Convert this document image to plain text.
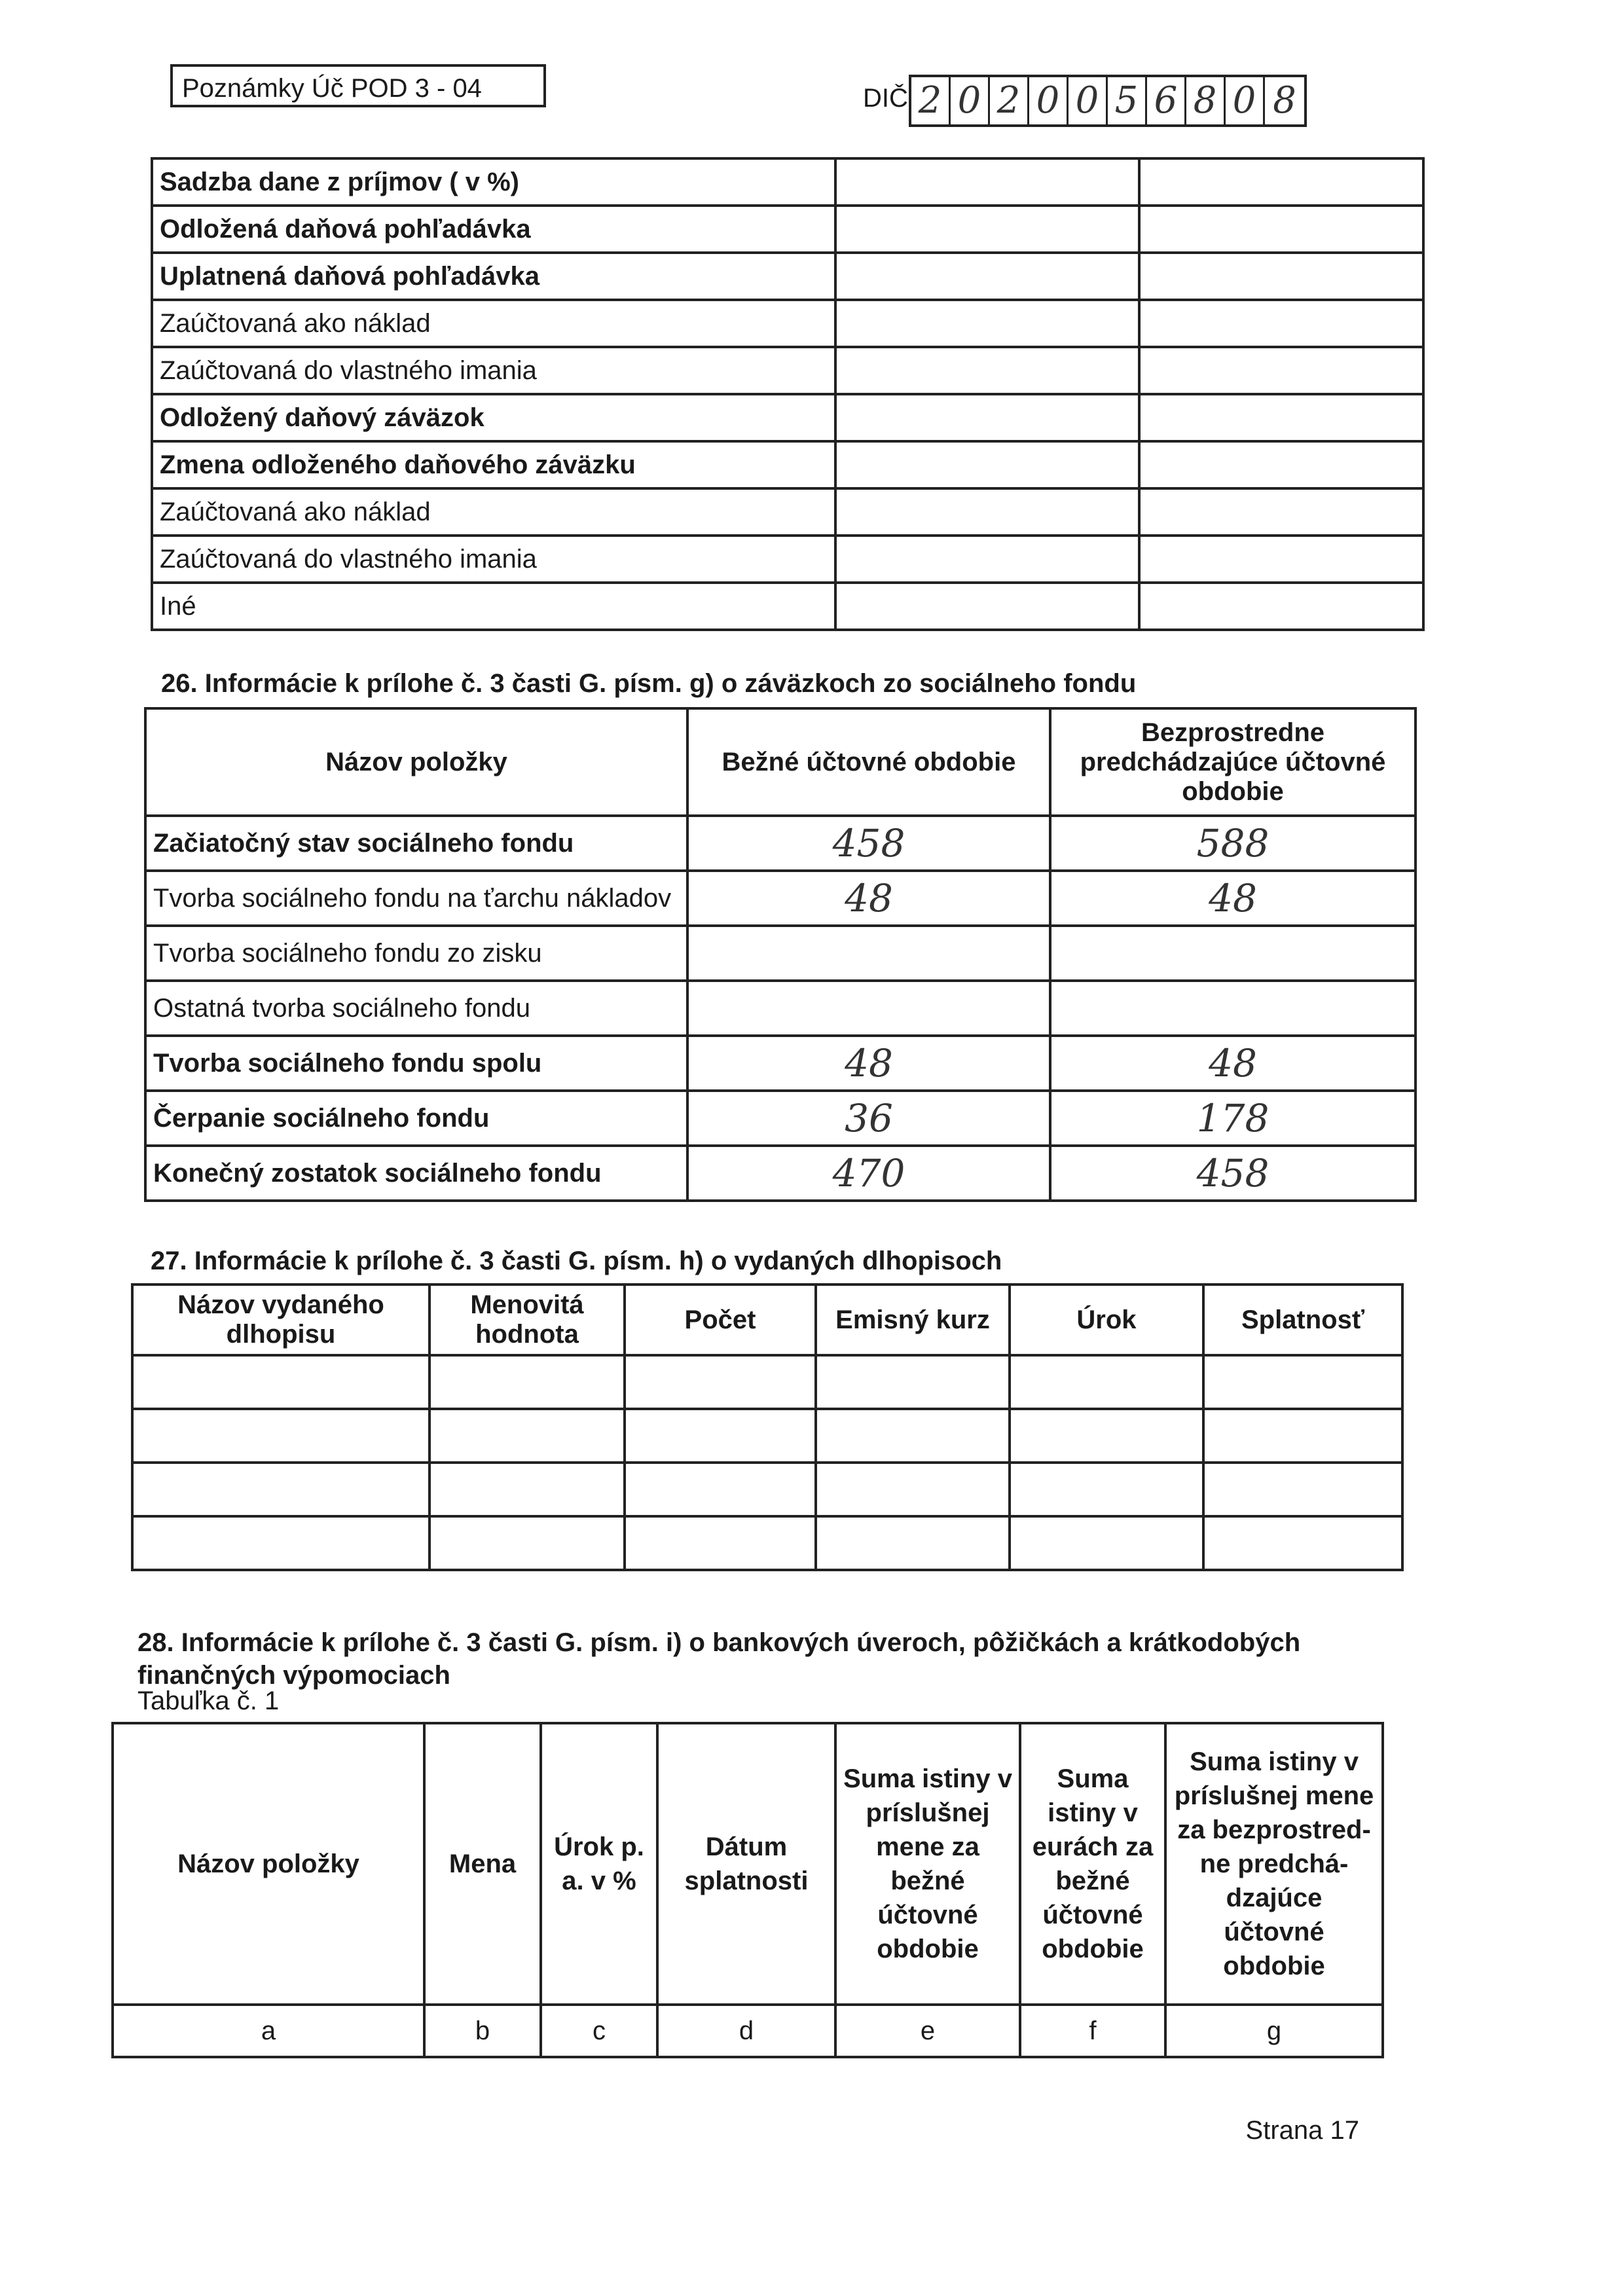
Poznámky Úč POD 3 - 04	DIČ 2 0 2 0 0 5 6 8 0 8
Sadzba dane z príjmov ( v %)		
Odložená daňová pohľadávka		
Uplatnená daňová pohľadávka		
Zaúčtovaná ako náklad		
Zaúčtovaná do vlastného imania		
Odložený daňový záväzok		
Zmena odloženého daňového záväzku		
Zaúčtovaná ako náklad		
Zaúčtovaná do vlastného imania		
Iné		
26. Informácie k prílohe č. 3 časti G. písm. g) o záväzkoch zo sociálneho fondu
Názov položky	Bežné účtovné obdobie	Bezprostredne predchádzajúce účtovné obdobie
Začiatočný stav sociálneho fondu	458	588
Tvorba sociálneho fondu na ťarchu nákladov	48	48
Tvorba sociálneho fondu zo zisku		
Ostatná tvorba sociálneho fondu		
Tvorba sociálneho fondu spolu	48	48
Čerpanie sociálneho fondu	36	178
Konečný zostatok sociálneho fondu	470	458
27. Informácie k prílohe č. 3 časti G. písm. h) o vydaných dlhopisoch
Názov vydaného dlhopisu	Menovitá hodnota	Počet	Emisný kurz	Úrok	Splatnosť

28. Informácie k prílohe č. 3 časti G. písm. i) o bankových úveroch, pôžičkách a krátkodobých finančných výpomociach
Tabuľka č. 1
Názov položky	Mena	Úrok p. a. v %	Dátum splatnosti	Suma istiny v príslušnej mene za bežné účtovné obdobie	Suma istiny v eurách za bežné účtovné obdobie	Suma istiny v príslušnej mene za bezprostred-ne predchá-dzajúce účtovné obdobie
a	b	c	d	e	f	g
Strana 17
